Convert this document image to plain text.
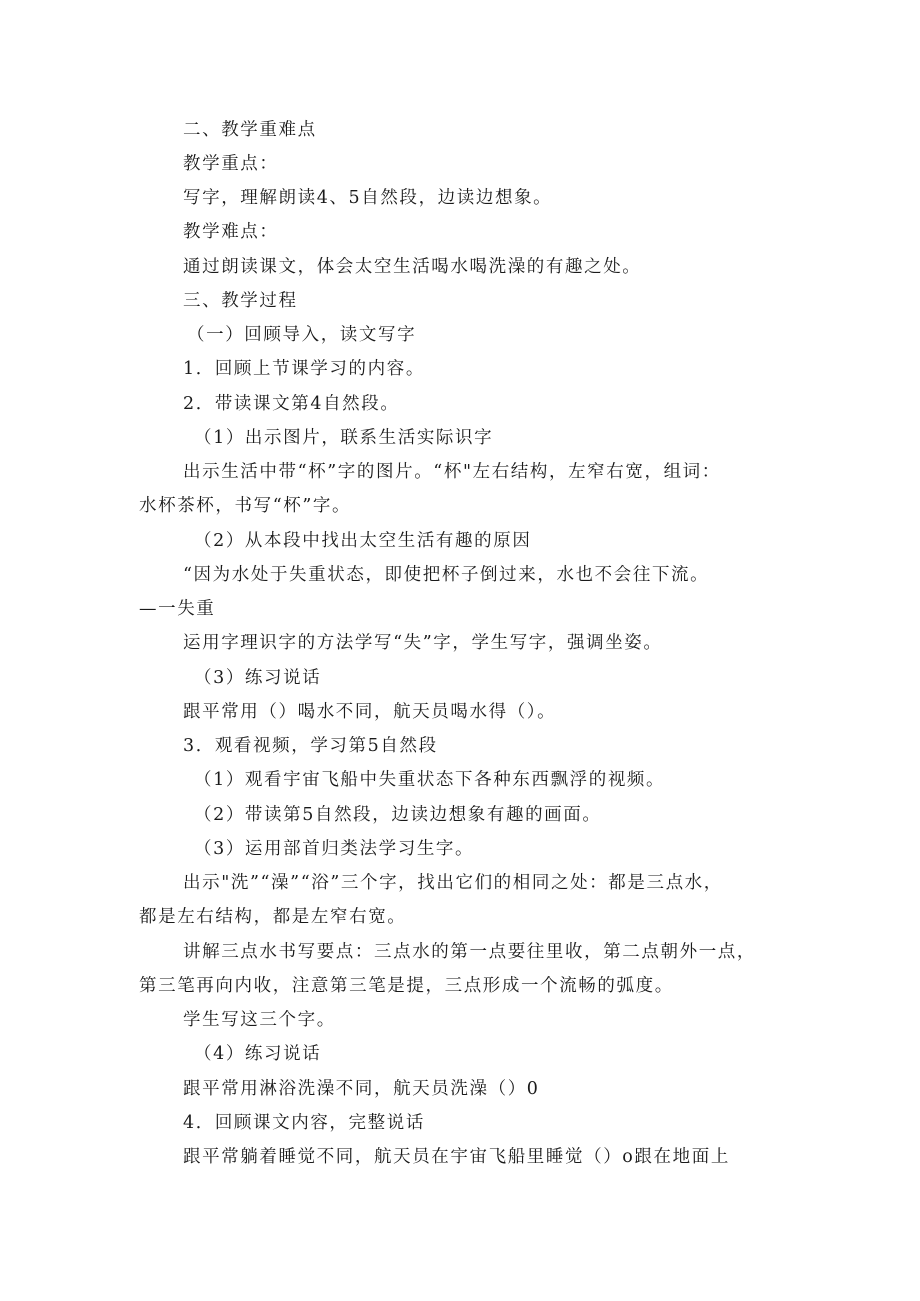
二、教学重难点
教学重点：
写字，理解朗读4、5自然段，边读边想象。
教学难点：
通过朗读课文，体会太空生活喝水喝洗澡的有趣之处。
三、教学过程
（一）回顾导入，读文写字
1．回顾上节课学习的内容。
2．带读课文第4自然段。
（1）出示图片，联系生活实际识字
出示生活中带“杯”字的图片。“杯"左右结构，左窄右宽，组词：
水杯茶杯，书写“杯”字。
（2）从本段中找出太空生活有趣的原因
“因为水处于失重状态，即使把杯子倒过来，水也不会往下流。
—一失重
运用字理识字的方法学写“失”字，学生写字，强调坐姿。
（3）练习说话
跟平常用（）喝水不同，航天员喝水得（）。
3．观看视频，学习第5自然段
（1）观看宇宙飞船中失重状态下各种东西飘浮的视频。
（2）带读第5自然段，边读边想象有趣的画面。
（3）运用部首归类法学习生字。
出示"洗”“澡”“浴”三个字，找出它们的相同之处：都是三点水，
都是左右结构，都是左窄右宽。
讲解三点水书写要点：三点水的第一点要往里收，第二点朝外一点，
第三笔再向内收，注意第三笔是提，三点形成一个流畅的弧度。
学生写这三个字。
（4）练习说话
跟平常用淋浴洗澡不同，航天员洗澡（）0
4．回顾课文内容，完整说话
跟平常躺着睡觉不同，航天员在宇宙飞船里睡觉（）o跟在地面上
